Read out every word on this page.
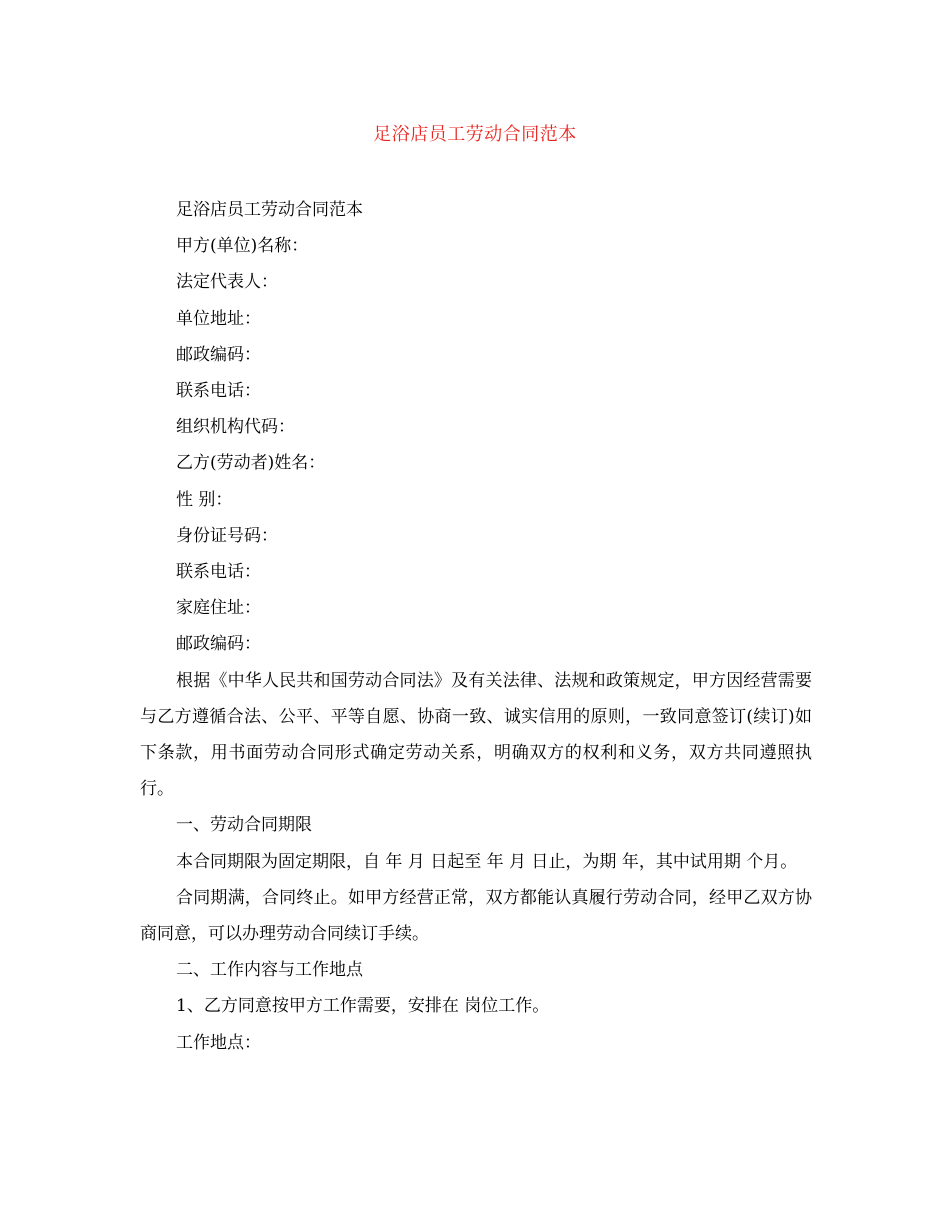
足浴店员工劳动合同范本

足浴店员工劳动合同范本

甲方(单位)名称：

法定代表人：

单位地址：

邮政编码：

联系电话：

组织机构代码：

乙方(劳动者)姓名：

性 别：

身份证号码：

联系电话：

家庭住址：

邮政编码：

根据《中华人民共和国劳动合同法》及有关法律、法规和政策规定，甲方因经营需要与乙方遵循合法、公平、平等自愿、协商一致、诚实信用的原则，一致同意签订(续订)如下条款，用书面劳动合同形式确定劳动关系，明确双方的权利和义务，双方共同遵照执行。

一、劳动合同期限

本合同期限为固定期限，自 年 月 日起至 年 月 日止，为期 年，其中试用期 个月。

合同期满，合同终止。如甲方经营正常，双方都能认真履行劳动合同，经甲乙双方协商同意，可以办理劳动合同续订手续。

二、工作内容与工作地点

1、乙方同意按甲方工作需要，安排在 岗位工作。

工作地点：
